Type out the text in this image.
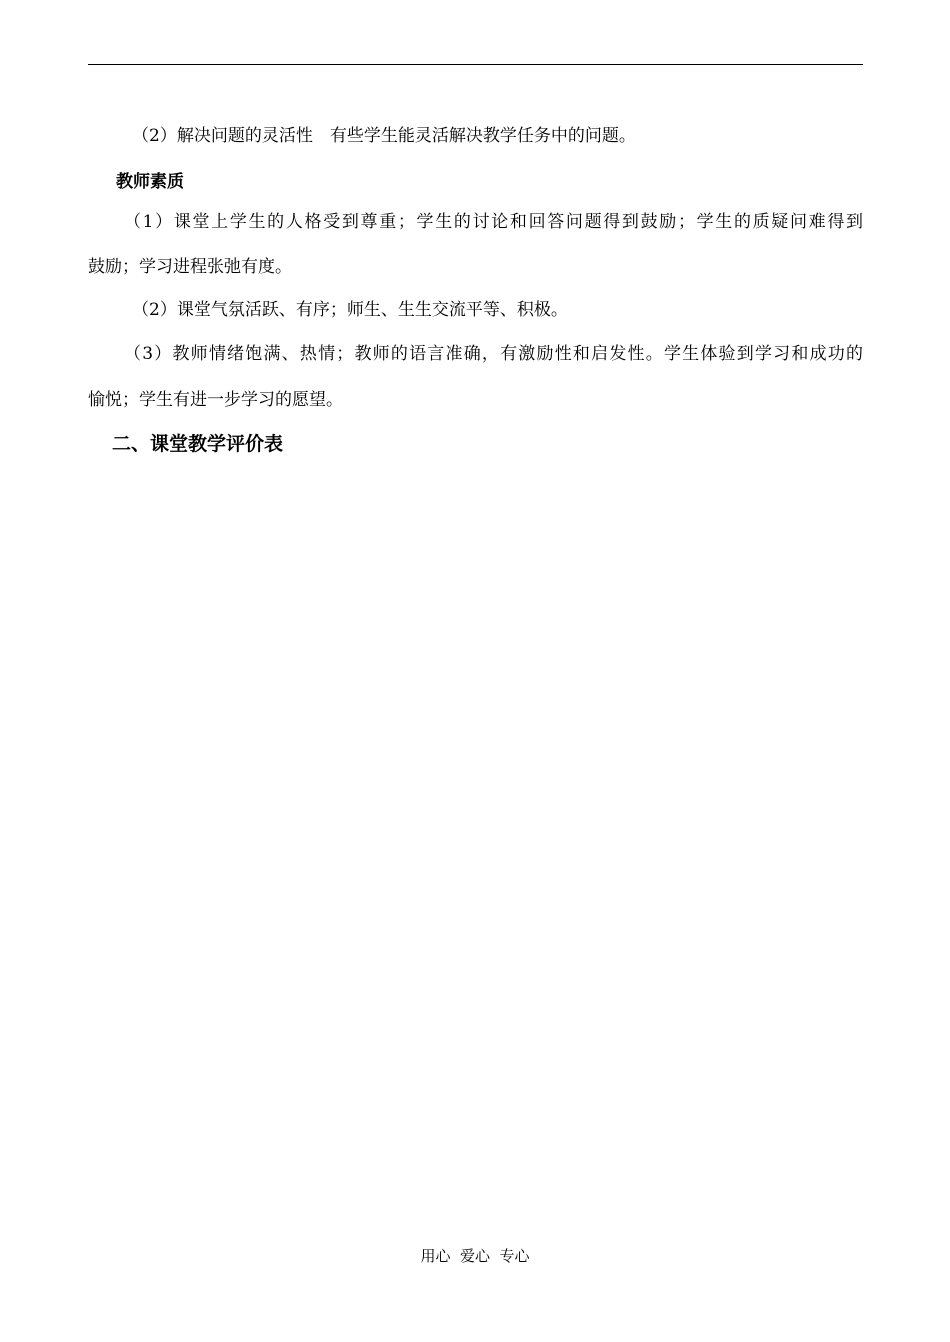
（2）解决问题的灵活性　有些学生能灵活解决教学任务中的问题。
教师素质
（1）课堂上学生的人格受到尊重；学生的讨论和回答问题得到鼓励；学生的质疑问难得到
鼓励；学习进程张弛有度。
（2）课堂气氛活跃、有序；师生、生生交流平等、积极。
（3）教师情绪饱满、热情；教师的语言准确，有激励性和启发性。学生体验到学习和成功的
愉悦；学生有进一步学习的愿望。
二、课堂教学评价表
用心  爱心  专心
